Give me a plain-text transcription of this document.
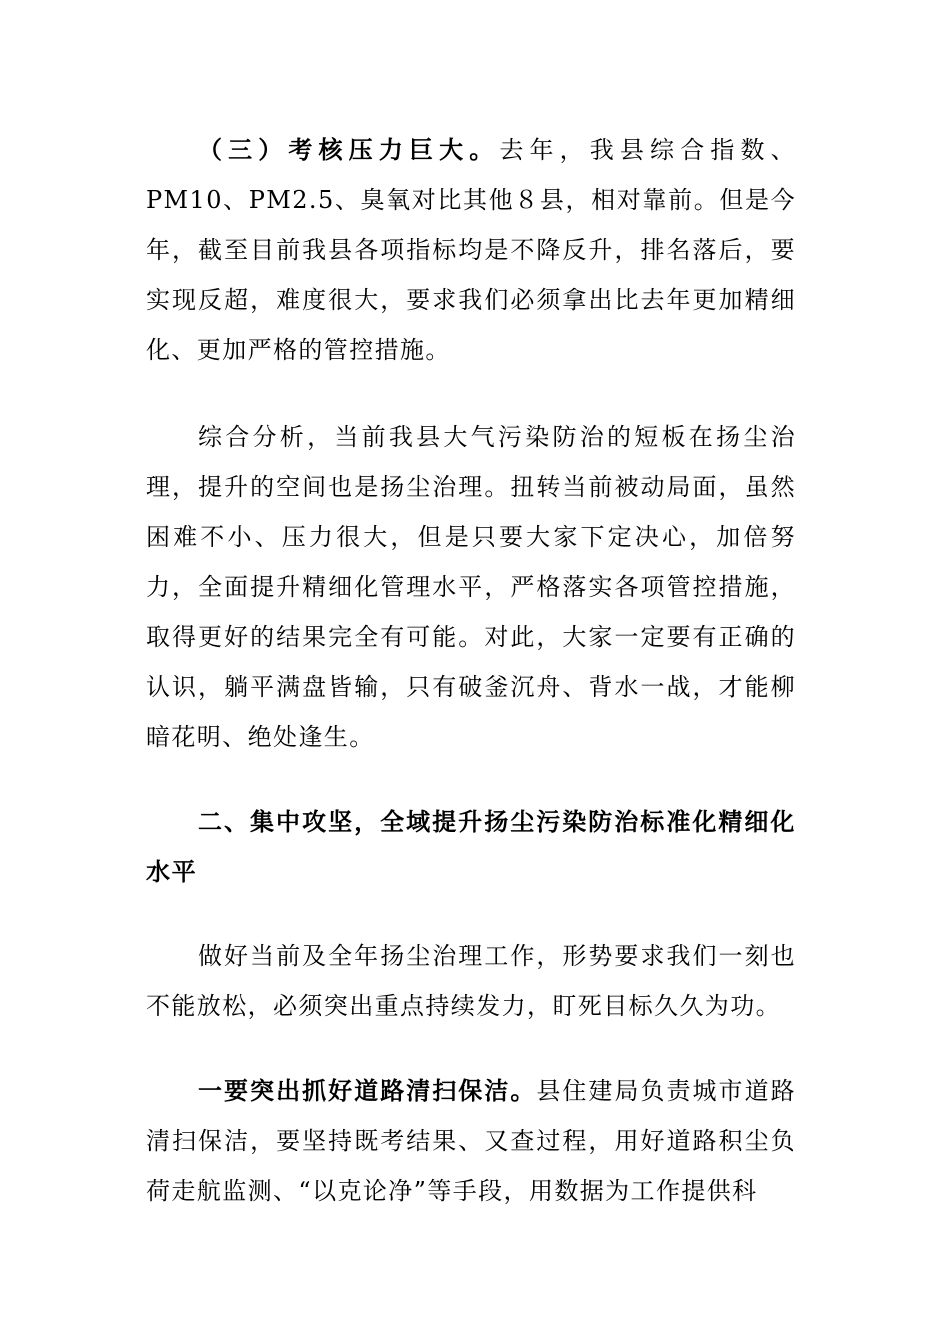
（三）考核压力巨大。去年，我县综合指数、PM10、PM2.5、臭氧对比其他８县，相对靠前。但是今年，截至目前我县各项指标均是不降反升，排名落后，要实现反超，难度很大，要求我们必须拿出比去年更加精细化、更加严格的管控措施。

综合分析，当前我县大气污染防治的短板在扬尘治理，提升的空间也是扬尘治理。扭转当前被动局面，虽然困难不小、压力很大，但是只要大家下定决心，加倍努力，全面提升精细化管理水平，严格落实各项管控措施，取得更好的结果完全有可能。对此，大家一定要有正确的认识，躺平满盘皆输，只有破釜沉舟、背水一战，才能柳暗花明、绝处逢生。

二、集中攻坚，全域提升扬尘污染防治标准化精细化水平

做好当前及全年扬尘治理工作，形势要求我们一刻也不能放松，必须突出重点持续发力，盯死目标久久为功。

一要突出抓好道路清扫保洁。县住建局负责城市道路清扫保洁，要坚持既考结果、又查过程，用好道路积尘负荷走航监测、“以克论净”等手段，用数据为工作提供科
